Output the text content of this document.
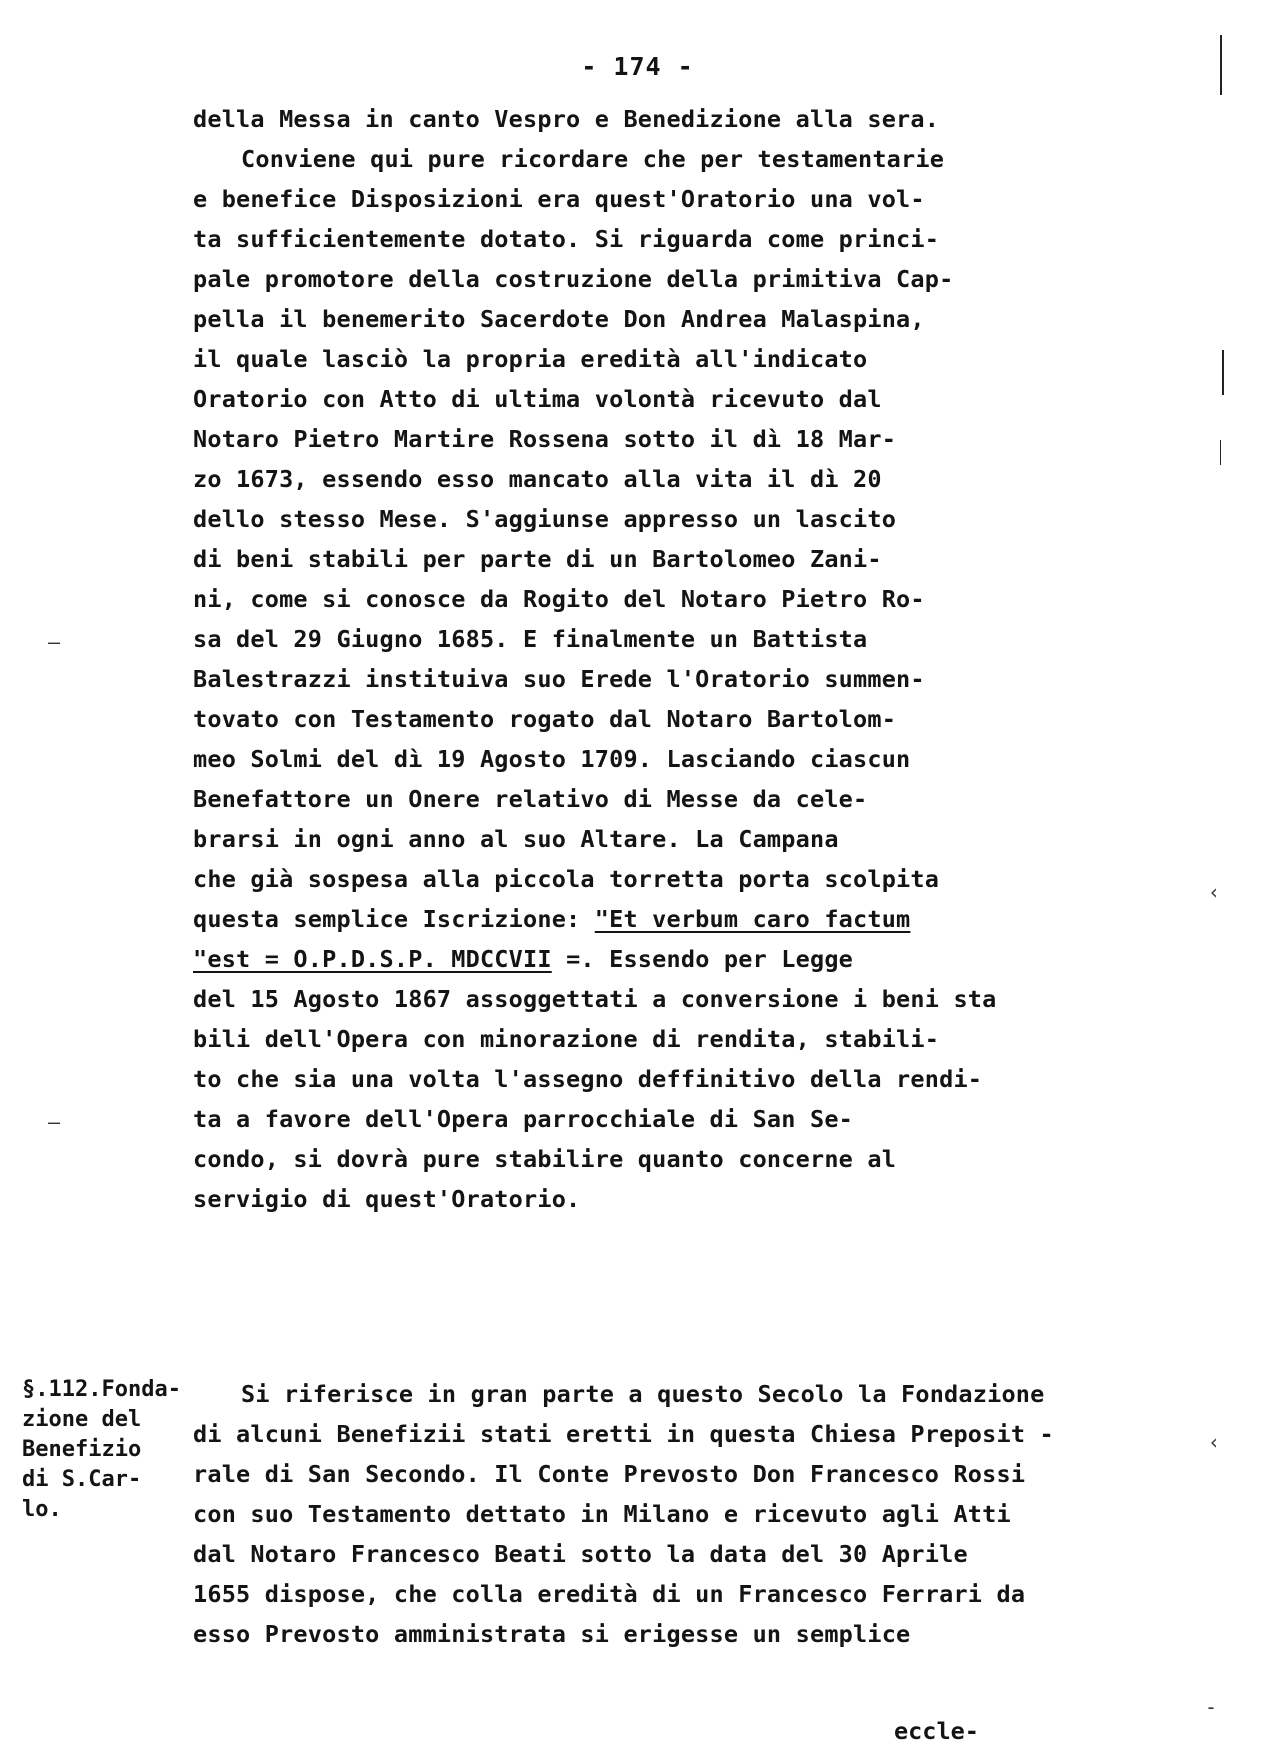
- 174 -
della Messa in canto Vespro e Benedizione alla sera.
Conviene qui pure ricordare che per testamentarie
e benefice Disposizioni era quest'Oratorio una vol-
ta sufficientemente dotato. Si riguarda come princi-
pale promotore della costruzione della primitiva Cap-
pella il benemerito Sacerdote Don Andrea Malaspina,
il quale lasciò la propria eredità all'indicato
Oratorio con Atto di ultima volontà ricevuto dal
Notaro Pietro Martire Rossena sotto il dì 18 Mar-
zo 1673, essendo esso mancato alla vita il dì 20
dello stesso Mese. S'aggiunse appresso un lascito
di beni stabili per parte di un Bartolomeo Zani-
ni, come si conosce da Rogito del Notaro Pietro Ro-
sa del 29 Giugno 1685. E finalmente un Battista
Balestrazzi instituiva suo Erede l'Oratorio summen-
tovato con Testamento rogato dal Notaro Bartolom-
meo Solmi del dì 19 Agosto 1709. Lasciando ciascun
Benefattore un Onere relativo di Messe da cele-
brarsi in ogni anno al suo Altare. La Campana
che già sospesa alla piccola torretta porta scolpita
questa semplice Iscrizione: "Et verbum caro factum
"est = O.P.D.S.P. MDCCVII =. Essendo per Legge
del 15 Agosto 1867 assoggettati a conversione i beni sta
bili dell'Opera con minorazione di rendita, stabili-
to che sia una volta l'assegno deffinitivo della rendi-
ta a favore dell'Opera parrocchiale di San Se-
condo, si dovrà pure stabilire quanto concerne al
servigio di quest'Oratorio.
§.112.Fonda-
zione del
Benefizio
di S.Car-
lo.
Si riferisce in gran parte a questo Secolo la Fondazione
di alcuni Benefizii stati eretti in questa Chiesa Preposit -
rale di San Secondo. Il Conte Prevosto Don Francesco Rossi
con suo Testamento dettato in Milano e ricevuto agli Atti
dal Notaro Francesco Beati sotto la data del 30 Aprile
1655 dispose, che colla eredità di un Francesco Ferrari da
esso Prevosto amministrata si erigesse un semplice
eccle-
‹
‹
-
—
—
